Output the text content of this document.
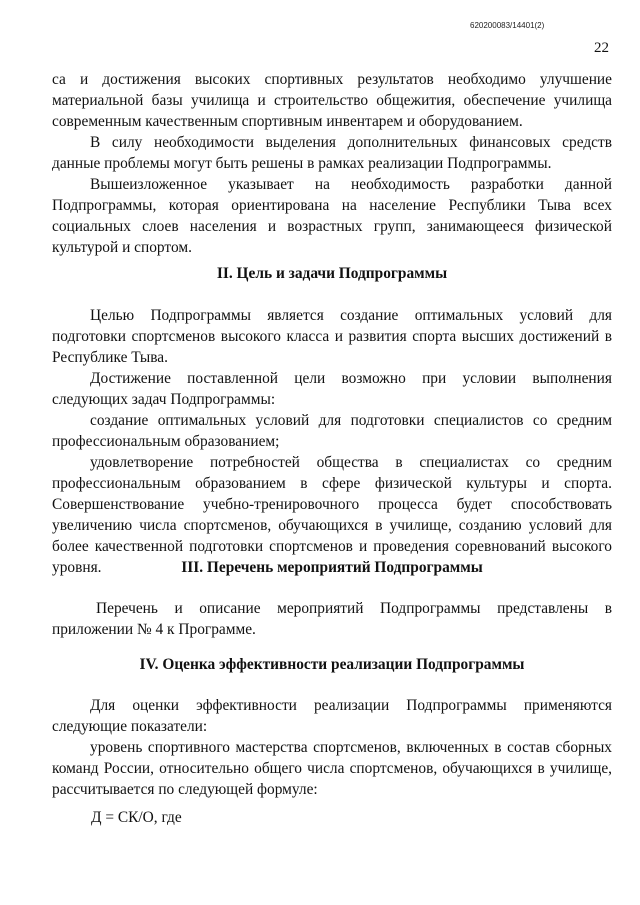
620200083/14401(2)
22

са и достижения высоких спортивных результатов необходимо улучшение материальной базы училища и строительство общежития, обеспечение училища современным качественным спортивным инвентарем и оборудованием.

В силу необходимости выделения дополнительных финансовых средств данные проблемы могут быть решены в рамках реализации Подпрограммы.

Вышеизложенное указывает на необходимость разработки данной Подпрограммы, которая ориентирована на население Республики Тыва всех социальных слоев населения и возрастных групп, занимающееся физической культурой и спортом.

II. Цель и задачи Подпрограммы

Целью Подпрограммы является создание оптимальных условий для подготовки спортсменов высокого класса и развития спорта высших достижений в Республике Тыва.

Достижение поставленной цели возможно при условии выполнения следующих задач Подпрограммы:

создание оптимальных условий для подготовки специалистов со средним профессиональным образованием;

удовлетворение потребностей общества в специалистах со средним профессиональным образованием в сфере физической культуры и спорта. Совершенствование учебно-тренировочного процесса будет способствовать увеличению числа спортсменов, обучающихся в училище, созданию условий для более качественной подготовки спортсменов и проведения соревнований высокого уровня.	III. Перечень мероприятий Подпрограммы

Перечень и описание мероприятий Подпрограммы представлены в приложении № 4 к Программе.

IV. Оценка эффективности реализации Подпрограммы

Для оценки эффективности реализации Подпрограммы применяются следующие показатели:

уровень спортивного мастерства спортсменов, включенных в состав сборных команд России, относительно общего числа спортсменов, обучающихся в училище, рассчитывается по следующей формуле:

Д = СК/О, где
